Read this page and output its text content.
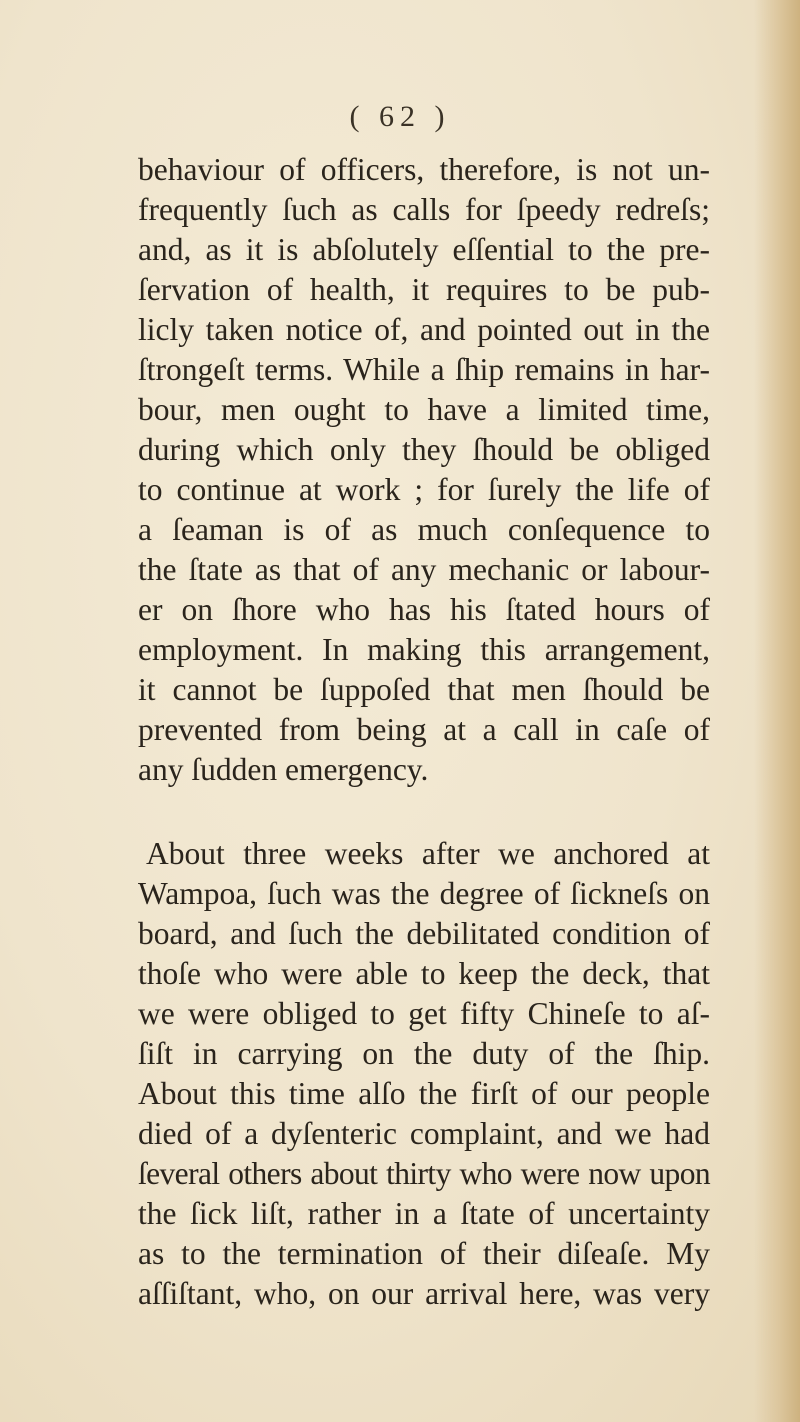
( 62 )
behaviour of officers, therefore, is not un-
frequently ſuch as calls for ſpeedy redreſs;
and, as it is abſolutely eſſential to the pre-
ſervation of health, it requires to be pub-
licly taken notice of, and pointed out in the
ſtrongeſt terms. While a ſhip remains in har-
bour, men ought to have a limited time,
during which only they ſhould be obliged
to continue at work ; for ſurely the life of
a ſeaman is of as much conſequence to
the ſtate as that of any mechanic or labour-
er on ſhore who has his ſtated hours of
employment. In making this arrangement,
it cannot be ſuppoſed that men ſhould be
prevented from being at a call in caſe of
any ſudden emergency.
About three weeks after we anchored at
Wampoa, ſuch was the degree of ſickneſs on
board, and ſuch the debilitated condition of
thoſe who were able to keep the deck, that
we were obliged to get fifty Chineſe to aſ-
ſiſt in carrying on the duty of the ſhip.
About this time alſo the firſt of our people
died of a dyſenteric complaint, and we had
ſeveral others about thirty who were now upon
the ſick liſt, rather in a ſtate of uncertainty
as to the termination of their diſeaſe. My
aſſiſtant, who, on our arrival here, was very
